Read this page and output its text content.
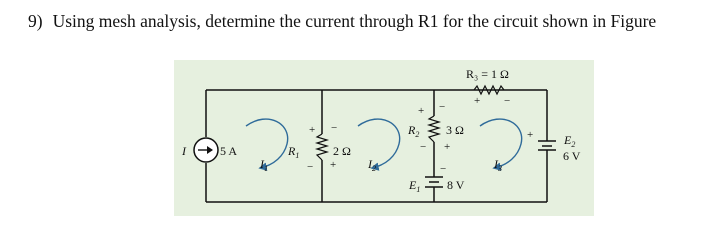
9) Using mesh analysis, determine the current through R1 for the circuit shown in Figure
I	5 A
+ −
− +
$R_1$	2 Ω
+ −
− +
$R_2$ 3 Ω
R₃ = 1 Ω
+ −
−
$E_1$ 8 V
+	$E_2$
6 V
$I_1$	$I_2$	$I_3$
